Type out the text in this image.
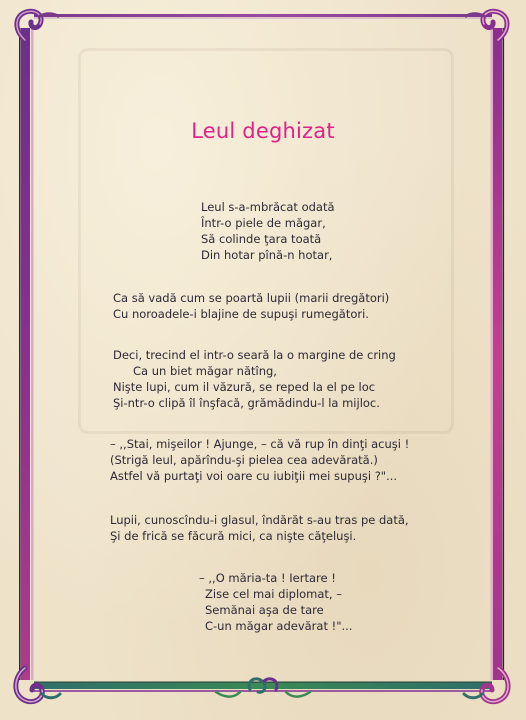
Leul deghizat
Leul s-a-mbrăcat odată
Într-o piele de măgar,
Să colinde ţara toată
Din hotar pînă-n hotar,
Ca să vadă cum se poartă lupii (marii dregători)
Cu noroadele-i blajine de supuşi rumegători.
Deci, trecind el intr-o seară la o margine de cring
Ca un biet măgar nătîng,
Nişte lupi, cum il văzură, se reped la el pe loc
Şi-ntr-o clipă îl înşfacă, grămădindu-l la mijloc.
– ,,Stai, mişeilor ! Ajunge, – că vă rup în dinţi acuşi !
(Strigă leul, apărîndu-şi pielea cea adevărată.)
Astfel vă purtaţi voi oare cu iubiţii mei supuşi ?"...
Lupii, cunoscîndu-i glasul, îndărăt s-au tras pe dată,
Şi de frică se făcură mici, ca nişte căţeluşi.
– ,,O măria-ta ! Iertare !
Zise cel mai diplomat, –
Semănai aşa de tare
C-un măgar adevărat !"...
